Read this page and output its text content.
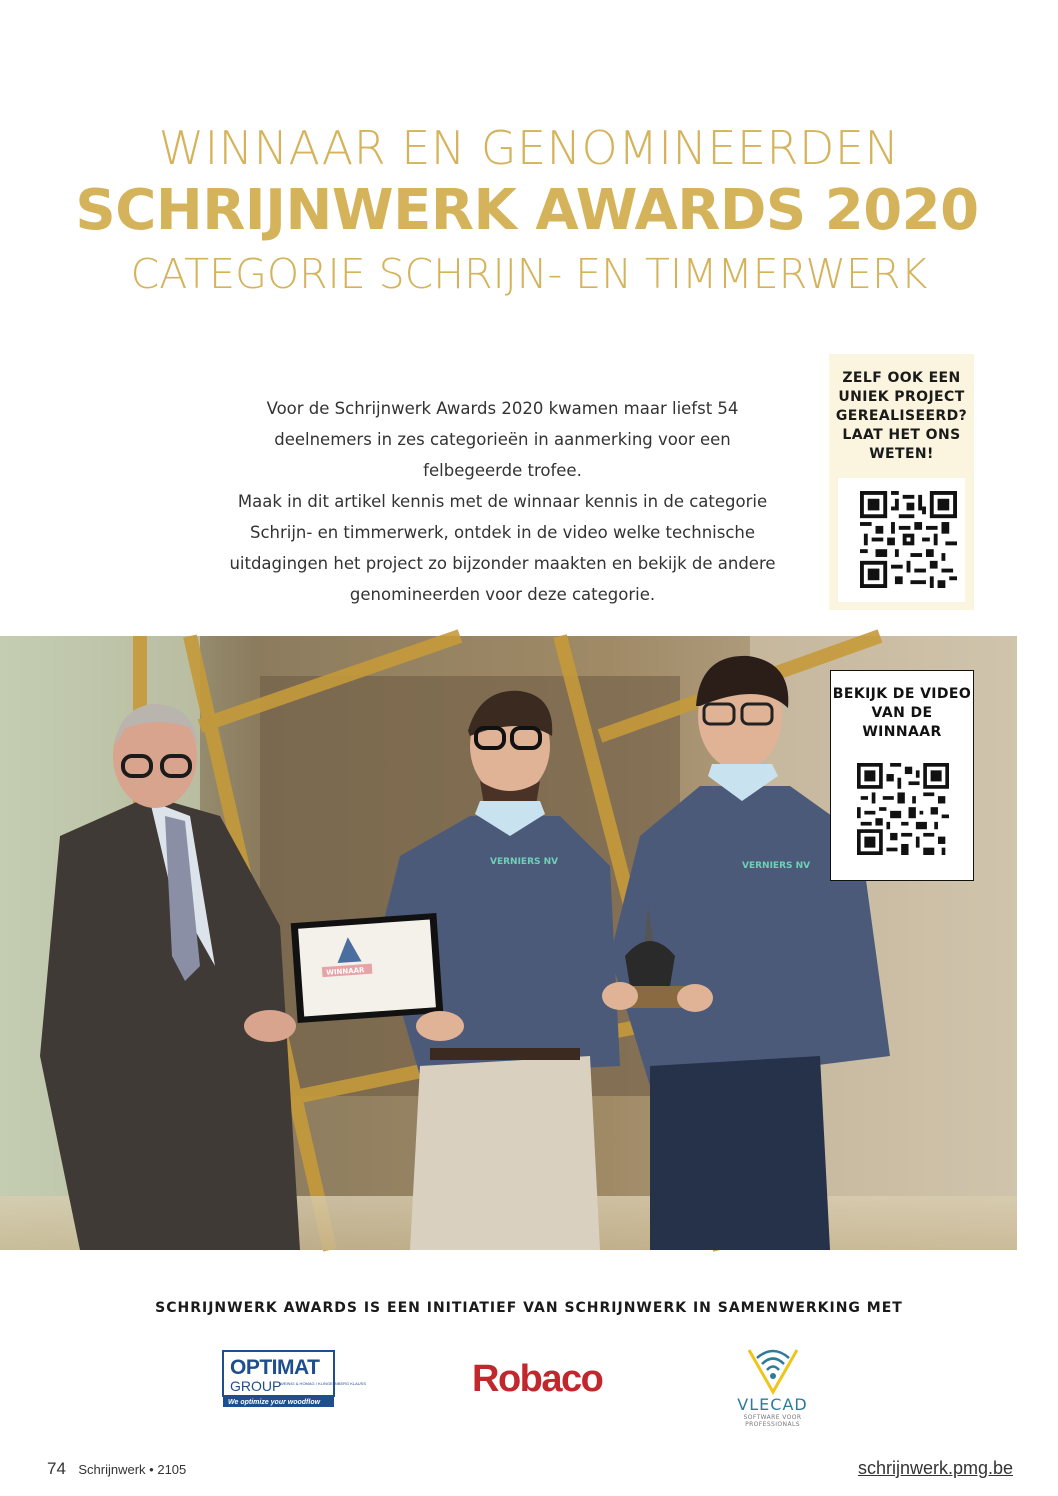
WINNAAR EN GENOMINEERDEN
SCHRIJNWERK AWARDS 2020
CATEGORIE SCHRIJN- EN TIMMERWERK

Voor de Schrijnwerk Awards 2020 kwamen maar liefst 54 deelnemers in zes categorieën in aanmerking voor een felbegeerde trofee.

Maak in dit artikel kennis met de winnaar kennis in de categorie Schrijn- en timmerwerk, ontdek in de video welke technische uitdagingen het project zo bijzonder maakten en bekijk de andere genomineerden voor deze categorie.

ZELF OOK EEN UNIEK PROJECT GEREALISEERD? LAAT HET ONS WETEN!
VERNIERS NV
WINNAAR
VERNIERS NV
BEKIJK DE VIDEO VAN DE WINNAAR
SCHRIJNWERK AWARDS IS EEN INITIATIEF VAN SCHRIJNWERK IN SAMENWERKING MET
OPTIMAT
GROUP
WEINIG & HOMAG / KLINGELNBERG KLAUSS
We optimize your woodflow
Robaco
VLECAD
SOFTWARE VOOR PROFESSIONALS
74 Schrijnwerk • 2105	schrijnwerk.pmg.be
